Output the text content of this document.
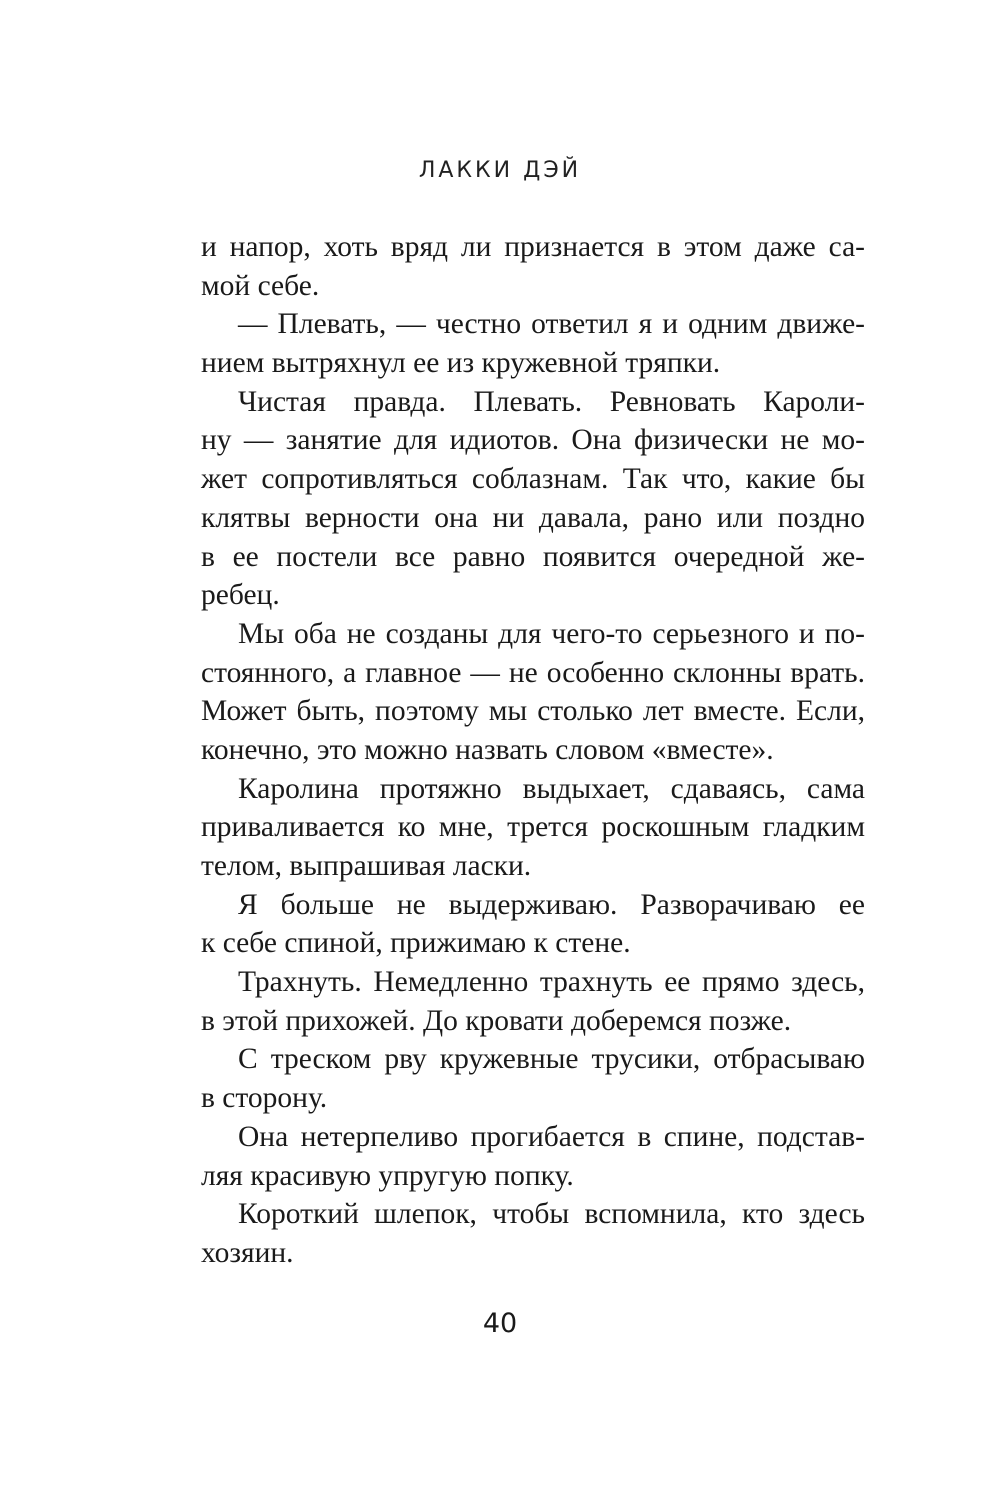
ЛАККИ ДЭЙ
и напор, хоть вряд ли признается в этом даже са-
мой себе.
— Плевать, — честно ответил я и одним движе-
нием вытряхнул ее из кружевной тряпки.
Чистая правда. Плевать. Ревновать Кароли-
ну — занятие для идиотов. Она физически не мо-
жет сопротивляться соблазнам. Так что, какие бы
клятвы верности она ни давала, рано или поздно
в ее постели все равно появится очередной же-
ребец.
Мы оба не созданы для чего-то серьезного и по-
стоянного, а главное — не особенно склонны врать.
Может быть, поэтому мы столько лет вместе. Если,
конечно, это можно назвать словом «вместе».
Каролина протяжно выдыхает, сдаваясь, сама
приваливается ко мне, трется роскошным гладким
телом, выпрашивая ласки.
Я больше не выдерживаю. Разворачиваю ее
к себе спиной, прижимаю к стене.
Трахнуть. Немедленно трахнуть ее прямо здесь,
в этой прихожей. До кровати доберемся позже.
С треском рву кружевные трусики, отбрасываю
в сторону.
Она нетерпеливо прогибается в спине, подстав-
ляя красивую упругую попку.
Короткий шлепок, чтобы вспомнила, кто здесь
хозяин.
40
